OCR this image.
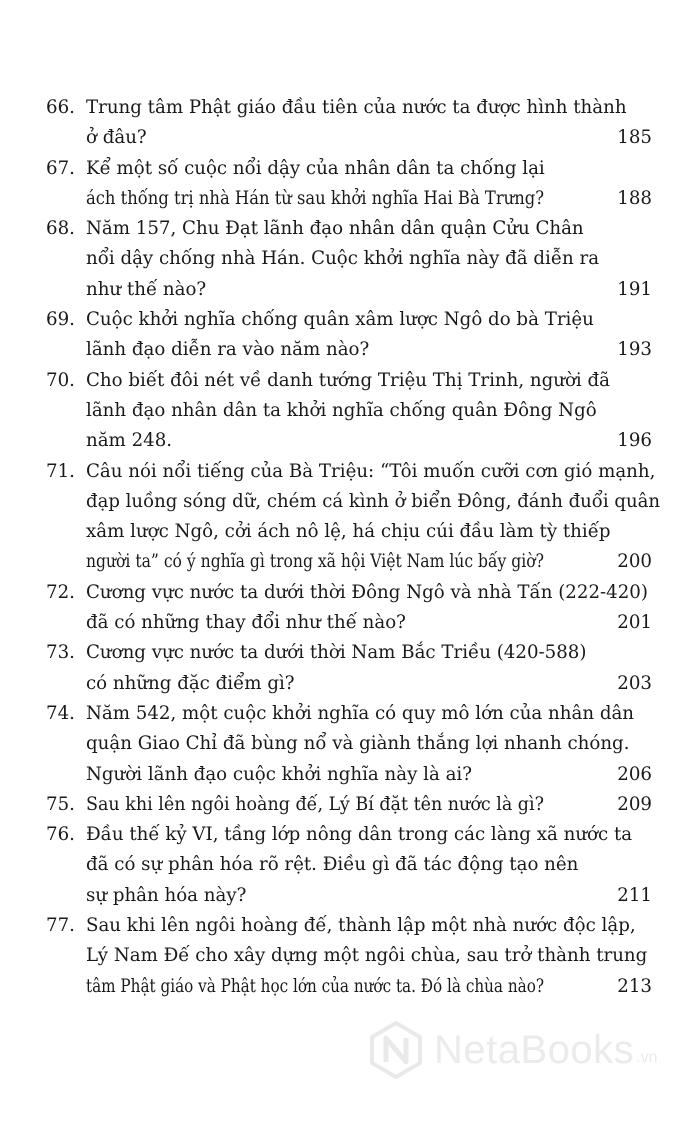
66. Trung tâm Phật giáo đầu tiên của nước ta được hình thành
ở đâu?	185
67. Kể một số cuộc nổi dậy của nhân dân ta chống lại
ách thống trị nhà Hán từ sau khởi nghĩa Hai Bà Trưng?	188
68. Năm 157, Chu Đạt lãnh đạo nhân dân quận Cửu Chân
nổi dậy chống nhà Hán. Cuộc khởi nghĩa này đã diễn ra
như thế nào?	191
69. Cuộc khởi nghĩa chống quân xâm lược Ngô do bà Triệu
lãnh đạo diễn ra vào năm nào?	193
70. Cho biết đôi nét về danh tướng Triệu Thị Trinh, người đã
lãnh đạo nhân dân ta khởi nghĩa chống quân Đông Ngô
năm 248.	196
71. Câu nói nổi tiếng của Bà Triệu: “Tôi muốn cưỡi cơn gió mạnh,
đạp luồng sóng dữ, chém cá kình ở biển Đông, đánh đuổi quân
xâm lược Ngô, cởi ách nô lệ, há chịu cúi đầu làm tỳ thiếp
người ta” có ý nghĩa gì trong xã hội Việt Nam lúc bấy giờ?	200
72. Cương vực nước ta dưới thời Đông Ngô và nhà Tấn (222-420)
đã có những thay đổi như thế nào?	201
73. Cương vực nước ta dưới thời Nam Bắc Triều (420-588)
có những đặc điểm gì?	203
74. Năm 542, một cuộc khởi nghĩa có quy mô lớn của nhân dân
quận Giao Chỉ đã bùng nổ và giành thắng lợi nhanh chóng.
Người lãnh đạo cuộc khởi nghĩa này là ai?	206
75. Sau khi lên ngôi hoàng đế, Lý Bí đặt tên nước là gì?	209
76. Đầu thế kỷ VI, tầng lớp nông dân trong các làng xã nước ta
đã có sự phân hóa rõ rệt. Điều gì đã tác động tạo nên
sự phân hóa này?	211
77. Sau khi lên ngôi hoàng đế, thành lập một nhà nước độc lập,
Lý Nam Đế cho xây dựng một ngôi chùa, sau trở thành trung
tâm Phật giáo và Phật học lớn của nước ta. Đó là chùa nào?	213
NetaBooks .vn
